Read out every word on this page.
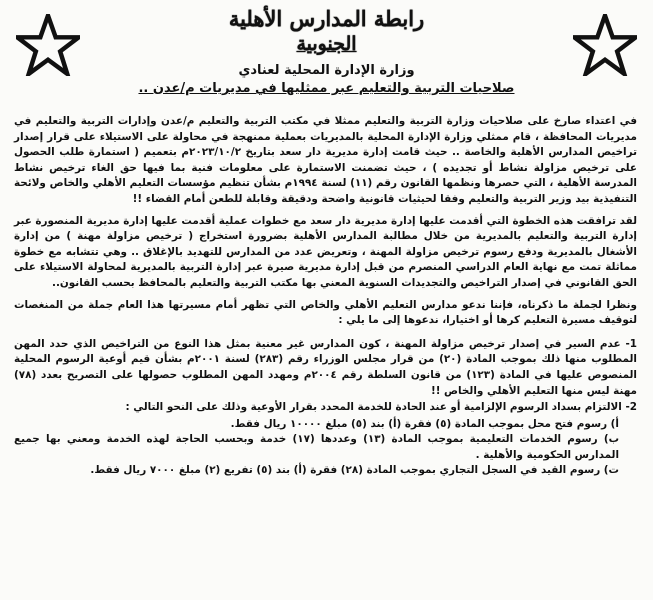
رابطة المدارس الأهلية
الجنوبية
وزارة الإدارة المحلية لعنادي
صلاحيات التربية والتعليم عبر ممثليها في مديريات م/عدن ..

في اعتداء صارخ على صلاحيات وزارة التربية والتعليم ممثلا في مكتب التربية والتعليم م/عدن وإدارات التربية والتعليم في مديريات المحافظة ، قام ممثلي وزارة الإدارة المحلية بالمديريات بعملية ممنهجة في محاولة على الاستيلاء على قرار إصدار تراخيص المدارس الأهلية والخاصة .. حيث قامت إدارة مديرية دار سعد بتاريخ ٢٠٢٣/١٠/٢م بتعميم ( استمارة طلب الحصول على ترخيص مزاولة نشاط أو تجديده ) ، حيث تضمنت الاستمارة على معلومات فنية بما فيها حق الغاء ترخيص نشاط المدرسة الأهلية ، التي حصرها ونظمها القانون رقم (١١) لسنة ١٩٩٤م بشأن تنظيم مؤسسات التعليم الأهلي والخاص ولائحة التنفيذية بيد وزير التربية والتعليم وفقا لحيثيات قانونية واضحة ودقيقة وقابلة للطعن أمام القضاء !!

لقد ترافقت هذه الخطوة التي أقدمت عليها إدارة مديرية دار سعد مع خطوات عملية أقدمت عليها إدارة مديرية المنصورة عبر إدارة التربية والتعليم بالمديرية من خلال مطالبة المدارس الأهلية بضرورة استخراج ( ترخيص مزاولة مهنة ) من إدارة الأشغال بالمديرية ودفع رسوم ترخيص مزاولة المهنة ، وتعريض عدد من المدارس للتهديد بالإغلاق .. وهي تتشابه مع خطوة مماثلة تمت مع نهاية العام الدراسي المنصرم من قبل إدارة مديرية صيرة عبر إدارة التربية بالمديرية لمحاولة الاستيلاء على الحق القانوني في إصدار التراخيص والتجديدات السنوية المعني بها مكتب التربية والتعليم بالمحافظ بحسب القانون..

ونظرا لجملة ما ذكرناه، فإننا ندعو مدارس التعليم الأهلي والخاص التي تظهر أمام مسيرتها هذا العام جملة من المنغصات لتوقيف مسيرة التعليم كرها أو اختيارا، ندعوها إلى ما يلي :

1- عدم السير في إصدار ترخيص مزاولة المهنة ، كون المدارس غير معنية بمثل هذا النوع من التراخيص الذي حدد المهن المطلوب منها ذلك بموجب المادة (٢٠) من قرار مجلس الوزراء رقم (٢٨٣) لسنة ٢٠٠١م بشأن قيم أوعية الرسوم المحلية المنصوص عليها في المادة (١٢٣) من قانون السلطة رقم ٢٠٠٤م ومهدد المهن المطلوب حصولها على التصريح بعدد (٧٨) مهنة ليس منها التعليم الأهلي والخاص !!
2- الالتزام بسداد الرسوم الإلزامية أو عند الحادة للخدمة المحدد بقرار الأوعية وذلك على النحو التالي :
أ) رسوم فتح محل بموجب المادة (٥) فقرة (أ) بند (٥) مبلغ ١٠٠٠٠ ريال فقط.
ب) رسوم الخدمات التعليمية بموجب المادة (١٣) وعددها (١٧) خدمة وبحسب الحاجة لهذه الخدمة ومعني بها جميع المدارس الحكومية والأهلية .
ت) رسوم القيد في السجل التجاري بموجب المادة (٢٨) فقرة (أ) بند (٥) تفريع (٢) مبلغ ٧٠٠٠ ريال فقط.
